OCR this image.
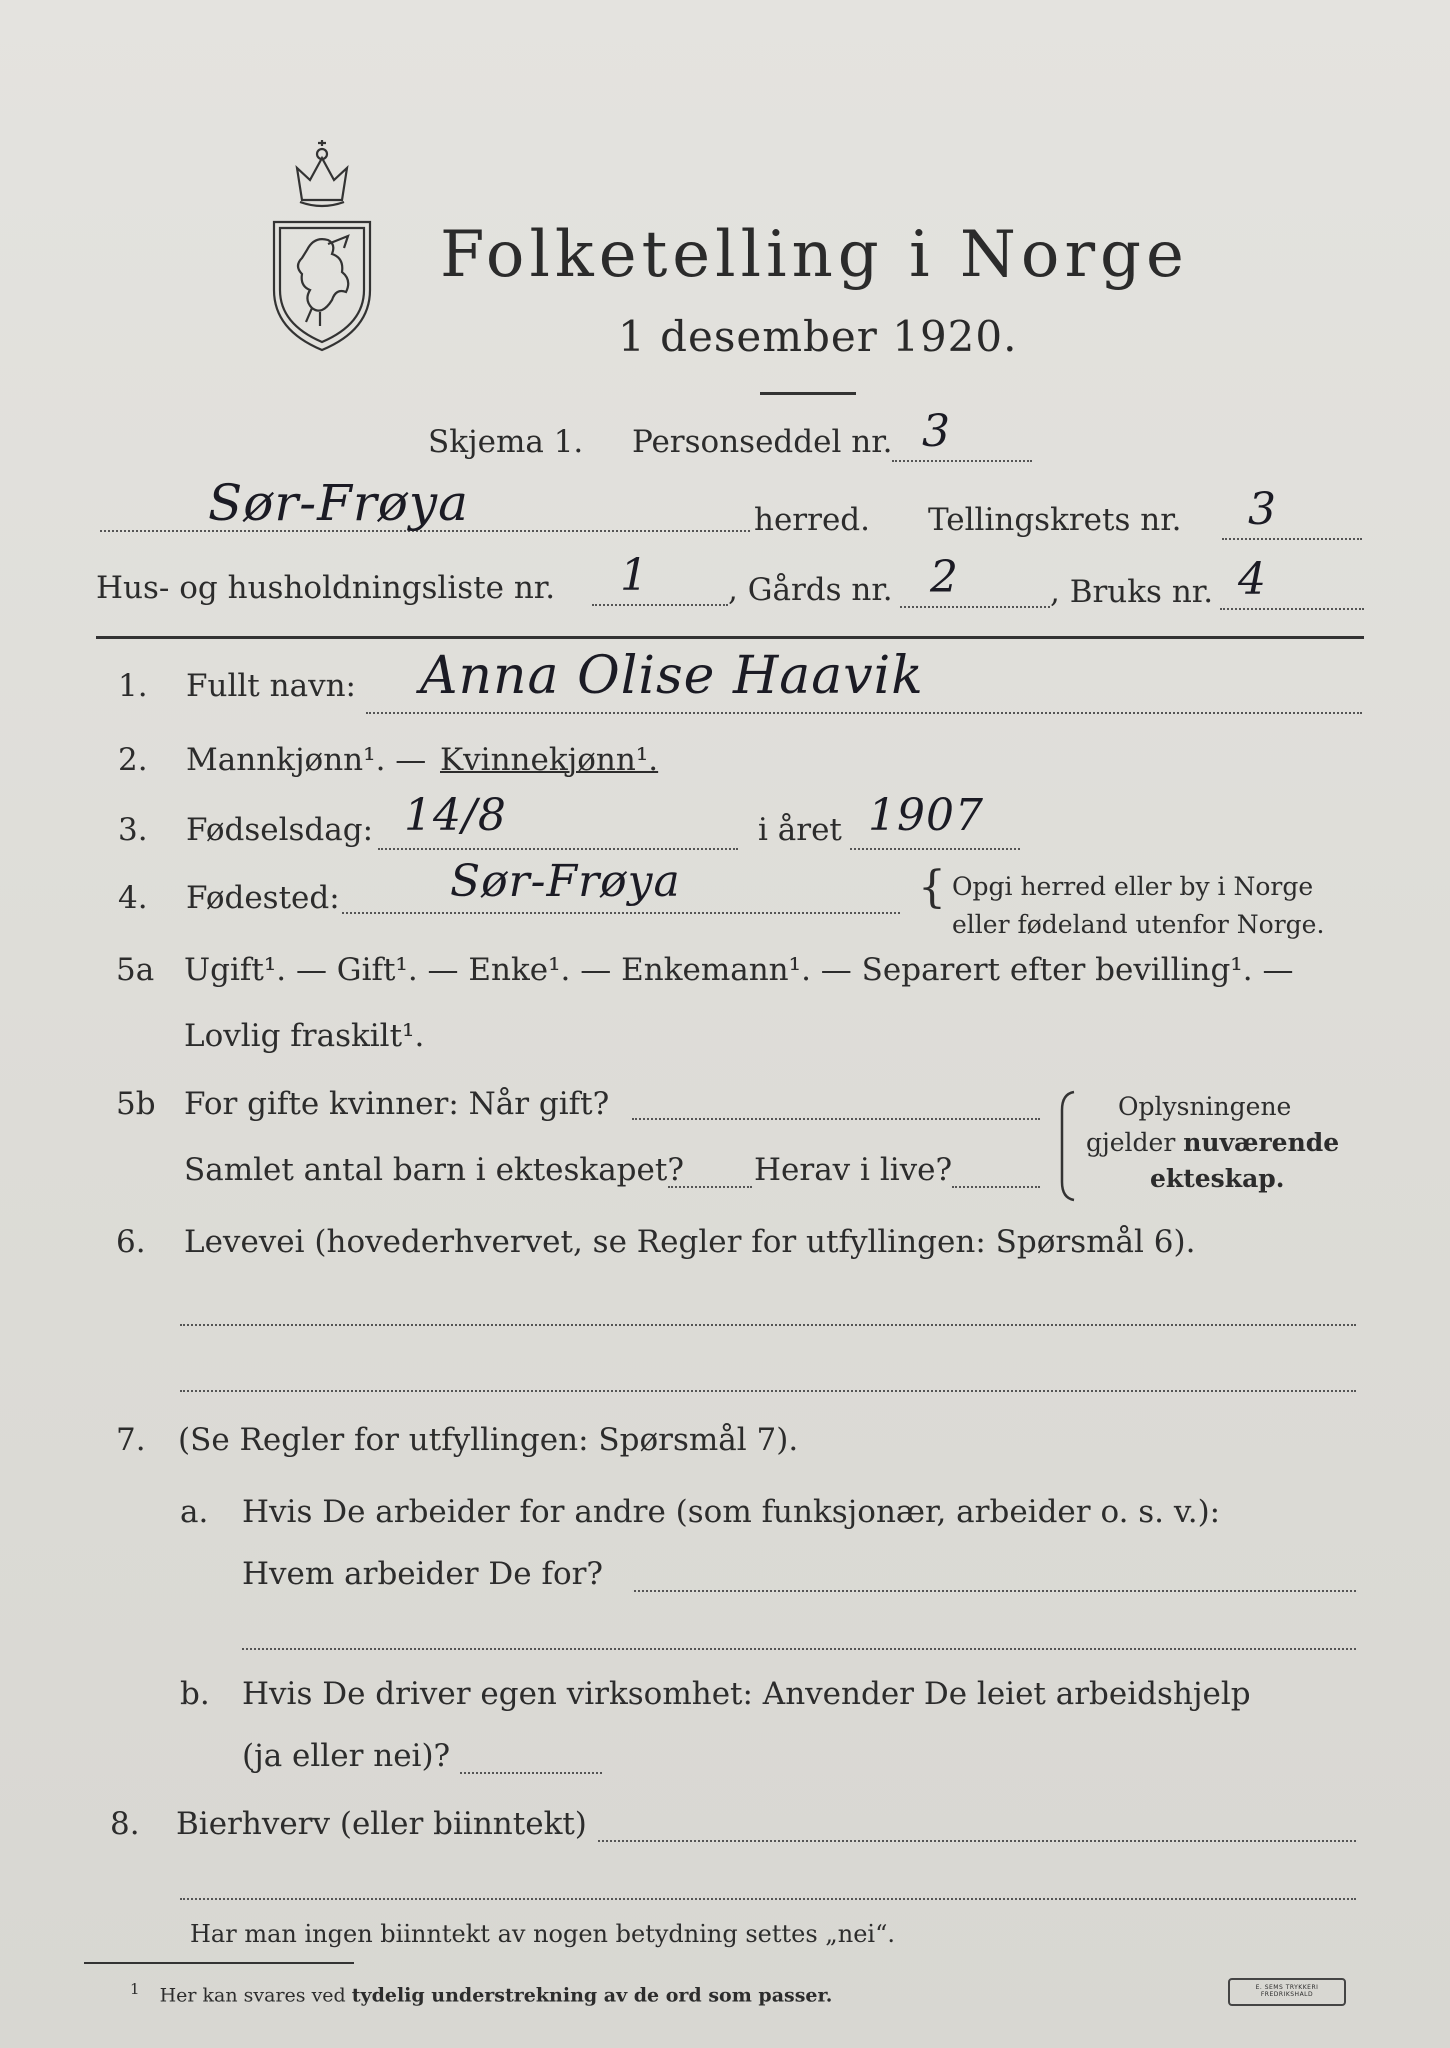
Folketelling i Norge
1 desember 1920.
Skjema 1. Personseddel nr. 3
Sør-Frøya	herred. Tellingskrets nr. 3
Hus- og husholdningsliste nr. 1	, Gårds nr. 2	, Bruks nr. 4
1. Fullt navn: Anna Olise Haavik
2. Mannkjønn¹. — Kvinnekjønn¹.
3. Fødselsdag: 14/8	i året 1907
4. Fødested:	Sør-Frøya	{ Opgi herred eller by i Norge
eller fødeland utenfor Norge.
5a Ugift¹. — Gift¹. — Enke¹. — Enkemann¹. — Separert efter bevilling¹. —
Lovlig fraskilt¹.
5b For gifte kvinner: Når gift?
Samlet antal barn i ekteskapet? Herav i live?
Oplysningene
gjelder nuværende
ekteskap.
6. Levevei (hovederhvervet, se Regler for utfyllingen: Spørsmål 6).
7. (Se Regler for utfyllingen: Spørsmål 7).
a. Hvis De arbeider for andre (som funksjonær, arbeider o. s. v.):
Hvem arbeider De for?
b. Hvis De driver egen virksomhet: Anvender De leiet arbeidshjelp
(ja eller nei)?
8. Bierhverv (eller biinntekt)
Har man ingen biinntekt av nogen betydning settes „nei“.
$^1$ Her kan svares ved tydelig understrekning av de ord som passer.	E. SEMS TRYKKERI FREDRIKSHALD
